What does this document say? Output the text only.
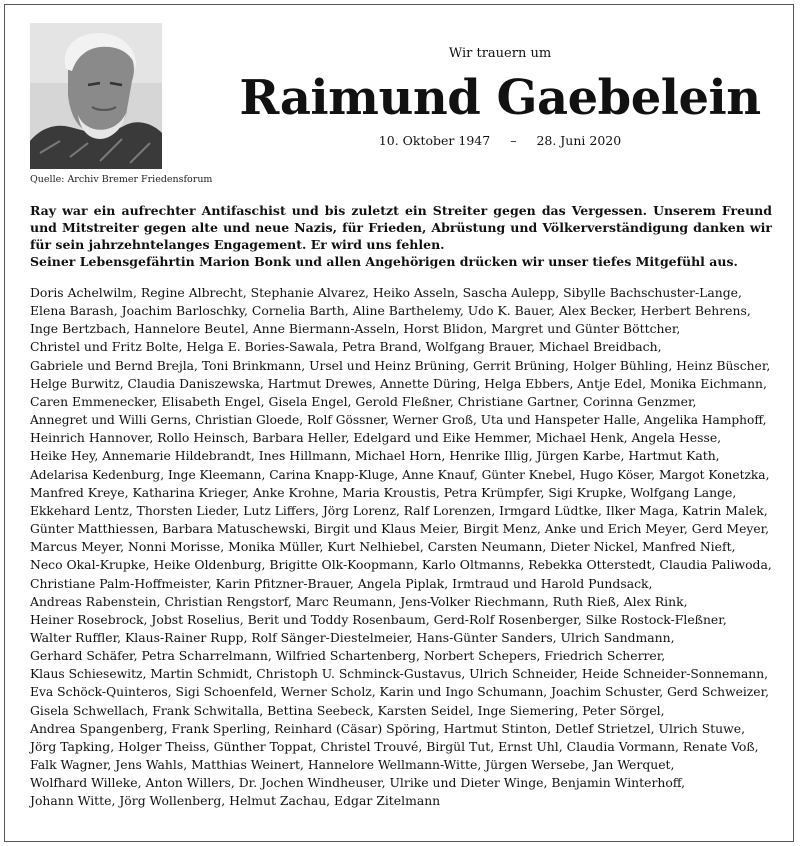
Quelle: Archiv Bremer Friedensforum
Wir trauern um
Raimund Gaebelein
10. Oktober 1947 – 28. Juni 2020
Ray war ein aufrechter Antifaschist und bis zuletzt ein Streiter gegen das Vergessen. Unserem Freund und Mitstreiter gegen alte und neue Nazis, für Frieden, Abrüstung und Völkerverständigung danken wir für sein jahrzehntelanges Engagement. Er wird uns fehlen.
Seiner Lebensgefährtin Marion Bonk und allen Angehörigen drücken wir unser tiefes Mitgefühl aus.
Doris Achelwilm, Regine Albrecht, Stephanie Alvarez, Heiko Asseln, Sascha Aulepp, Sibylle Bachschuster-Lange,
Elena Barash, Joachim Barloschky, Cornelia Barth, Aline Barthelemy, Udo K. Bauer, Alex Becker, Herbert Behrens,
Inge Bertzbach, Hannelore Beutel, Anne Biermann-Asseln, Horst Blidon, Margret und Günter Böttcher,
Christel und Fritz Bolte, Helga E. Bories-Sawala, Petra Brand, Wolfgang Brauer, Michael Breidbach,
Gabriele und Bernd Brejla, Toni Brinkmann, Ursel und Heinz Brüning, Gerrit Brüning, Holger Bühling, Heinz Büscher,
Helge Burwitz, Claudia Daniszewska, Hartmut Drewes, Annette Düring, Helga Ebbers, Antje Edel, Monika Eichmann,
Caren Emmenecker, Elisabeth Engel, Gisela Engel, Gerold Fleßner, Christiane Gartner, Corinna Genzmer,
Annegret und Willi Gerns, Christian Gloede, Rolf Gössner, Werner Groß, Uta und Hanspeter Halle, Angelika Hamphoff,
Heinrich Hannover, Rollo Heinsch, Barbara Heller, Edelgard und Eike Hemmer, Michael Henk, Angela Hesse,
Heike Hey, Annemarie Hildebrandt, Ines Hillmann, Michael Horn, Henrike Illig, Jürgen Karbe, Hartmut Kath,
Adelarisa Kedenburg, Inge Kleemann, Carina Knapp-Kluge, Anne Knauf, Günter Knebel, Hugo Köser, Margot Konetzka,
Manfred Kreye, Katharina Krieger, Anke Krohne, Maria Kroustis, Petra Krümpfer, Sigi Krupke, Wolfgang Lange,
Ekkehard Lentz, Thorsten Lieder, Lutz Liffers, Jörg Lorenz, Ralf Lorenzen, Irmgard Lüdtke, Ilker Maga, Katrin Malek,
Günter Matthiessen, Barbara Matuschewski, Birgit und Klaus Meier, Birgit Menz, Anke und Erich Meyer, Gerd Meyer,
Marcus Meyer, Nonni Morisse, Monika Müller, Kurt Nelhiebel, Carsten Neumann, Dieter Nickel, Manfred Nieft,
Neco Okal-Krupke, Heike Oldenburg, Brigitte Olk-Koopmann, Karlo Oltmanns, Rebekka Otterstedt, Claudia Paliwoda,
Christiane Palm-Hoffmeister, Karin Pfitzner-Brauer, Angela Piplak, Irmtraud und Harold Pundsack,
Andreas Rabenstein, Christian Rengstorf, Marc Reumann, Jens-Volker Riechmann, Ruth Rieß, Alex Rink,
Heiner Rosebrock, Jobst Roselius, Berit und Toddy Rosenbaum, Gerd-Rolf Rosenberger, Silke Rostock-Fleßner,
Walter Ruffler, Klaus-Rainer Rupp, Rolf Sänger-Diestelmeier, Hans-Günter Sanders, Ulrich Sandmann,
Gerhard Schäfer, Petra Scharrelmann, Wilfried Schartenberg, Norbert Schepers, Friedrich Scherrer,
Klaus Schiesewitz, Martin Schmidt, Christoph U. Schminck-Gustavus, Ulrich Schneider, Heide Schneider-Sonnemann,
Eva Schöck-Quinteros, Sigi Schoenfeld, Werner Scholz, Karin und Ingo Schumann, Joachim Schuster, Gerd Schweizer,
Gisela Schwellach, Frank Schwitalla, Bettina Seebeck, Karsten Seidel, Inge Siemering, Peter Sörgel,
Andrea Spangenberg, Frank Sperling, Reinhard (Cäsar) Spöring, Hartmut Stinton, Detlef Strietzel, Ulrich Stuwe,
Jörg Tapking, Holger Theiss, Günther Toppat, Christel Trouvé, Birgül Tut, Ernst Uhl, Claudia Vormann, Renate Voß,
Falk Wagner, Jens Wahls, Matthias Weinert, Hannelore Wellmann-Witte, Jürgen Wersebe, Jan Werquet,
Wolfhard Willeke, Anton Willers, Dr. Jochen Windheuser, Ulrike und Dieter Winge, Benjamin Winterhoff,
Johann Witte, Jörg Wollenberg, Helmut Zachau, Edgar Zitelmann
